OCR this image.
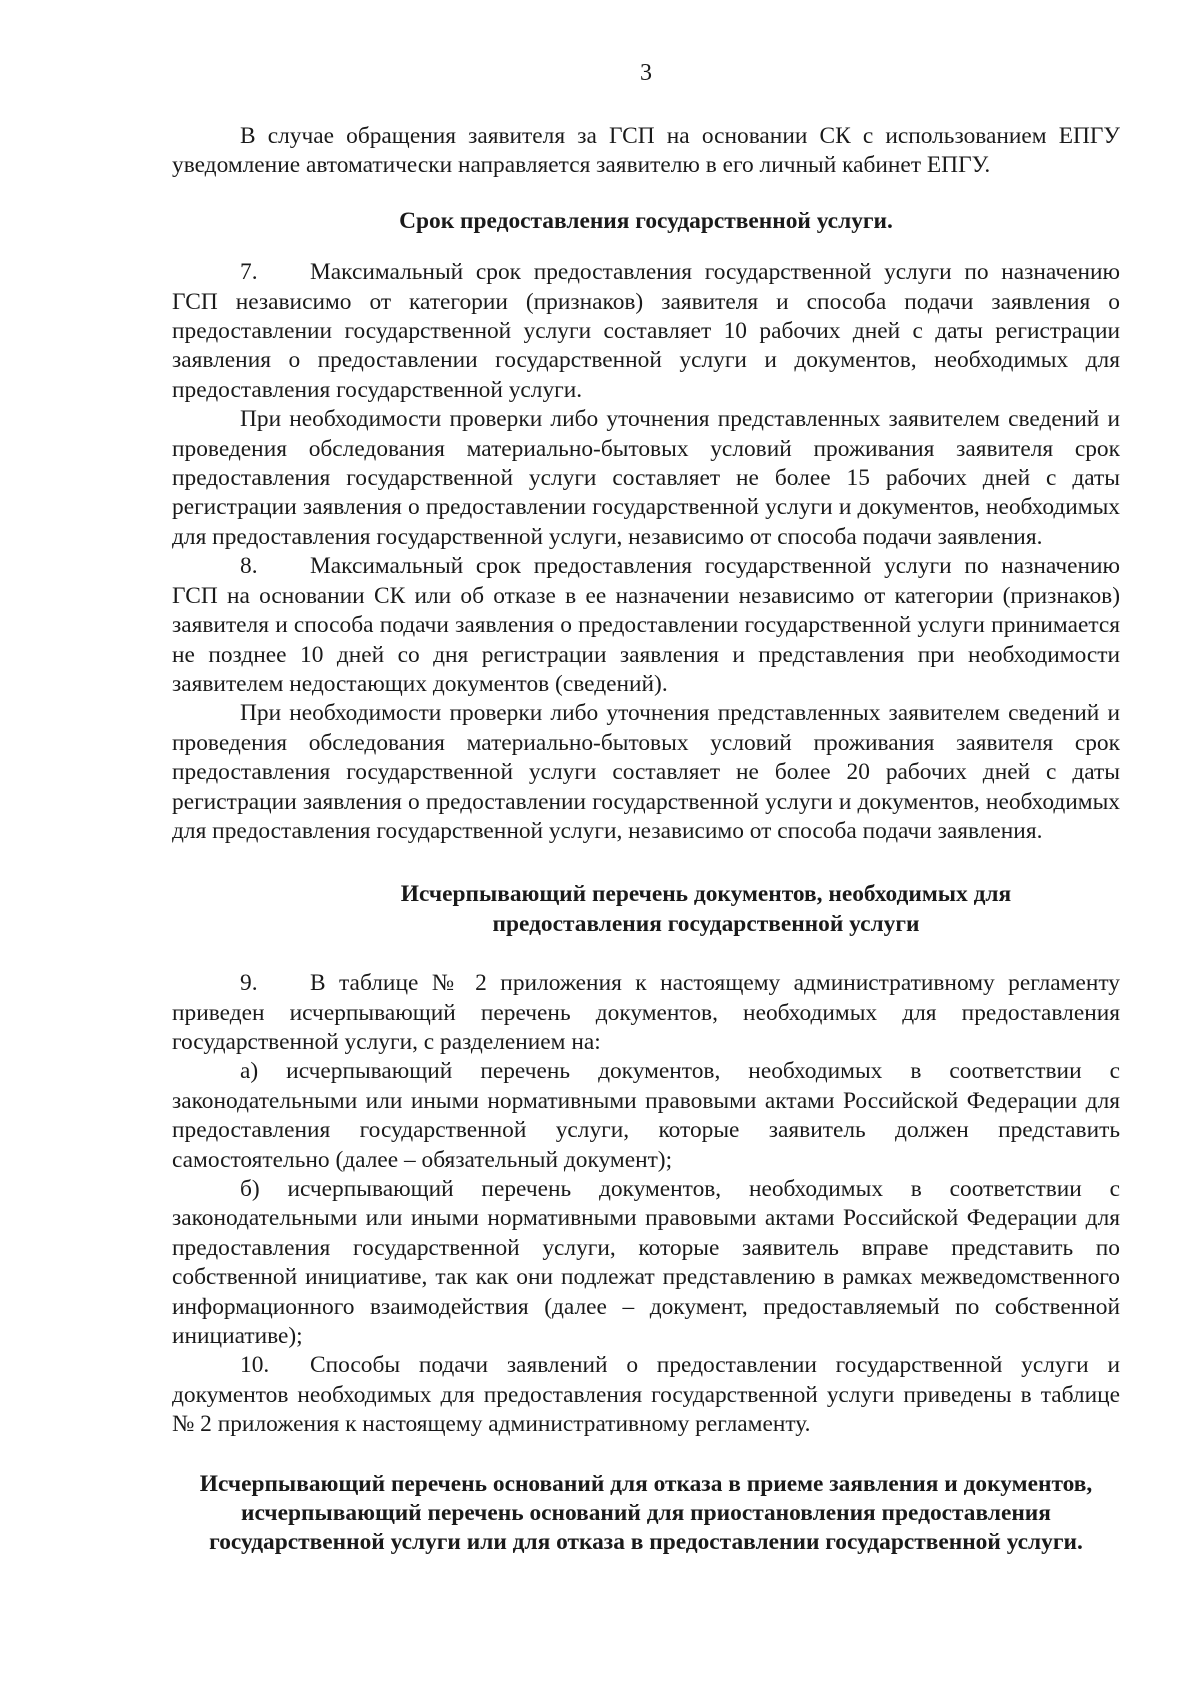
3

В случае обращения заявителя за ГСП на основании СК с использованием ЕПГУ уведомление автоматически направляется заявителю в его личный кабинет ЕПГУ.

Срок предоставления государственной услуги.

7. Максимальный срок предоставления государственной услуги по назначению ГСП независимо от категории (признаков) заявителя и способа подачи заявления о предоставлении государственной услуги составляет 10 рабочих дней с даты регистрации заявления о предоставлении государственной услуги и документов, необходимых для предоставления государственной услуги.

При необходимости проверки либо уточнения представленных заявителем сведений и проведения обследования материально-бытовых условий проживания заявителя срок предоставления государственной услуги составляет не более 15 рабочих дней с даты регистрации заявления о предоставлении государственной услуги и документов, необходимых для предоставления государственной услуги, независимо от способа подачи заявления.

8. Максимальный срок предоставления государственной услуги по назначению ГСП на основании СК или об отказе в ее назначении независимо от категории (признаков) заявителя и способа подачи заявления о предоставлении государственной услуги принимается не позднее 10 дней со дня регистрации заявления и представления при необходимости заявителем недостающих документов (сведений).

При необходимости проверки либо уточнения представленных заявителем сведений и проведения обследования материально-бытовых условий проживания заявителя срок предоставления государственной услуги составляет не более 20 рабочих дней с даты регистрации заявления о предоставлении государственной услуги и документов, необходимых для предоставления государственной услуги, независимо от способа подачи заявления.

Исчерпывающий перечень документов, необходимых для
предоставления государственной услуги

9. В таблице № 2 приложения к настоящему административному регламенту приведен исчерпывающий перечень документов, необходимых для предоставления государственной услуги, с разделением на:

а) исчерпывающий перечень документов, необходимых в соответствии с законодательными или иными нормативными правовыми актами Российской Федерации для предоставления государственной услуги, которые заявитель должен представить самостоятельно (далее – обязательный документ);

б) исчерпывающий перечень документов, необходимых в соответствии с законодательными или иными нормативными правовыми актами Российской Федерации для предоставления государственной услуги, которые заявитель вправе представить по собственной инициативе, так как они подлежат представлению в рамках межведомственного информационного взаимодействия (далее – документ, предоставляемый по собственной инициативе);

10. Способы подачи заявлений о предоставлении государственной услуги и документов необходимых для предоставления государственной услуги приведены в таблице № 2 приложения к настоящему административному регламенту.

Исчерпывающий перечень оснований для отказа в приеме заявления и документов,
исчерпывающий перечень оснований для приостановления предоставления
государственной услуги или для отказа в предоставлении государственной услуги.
